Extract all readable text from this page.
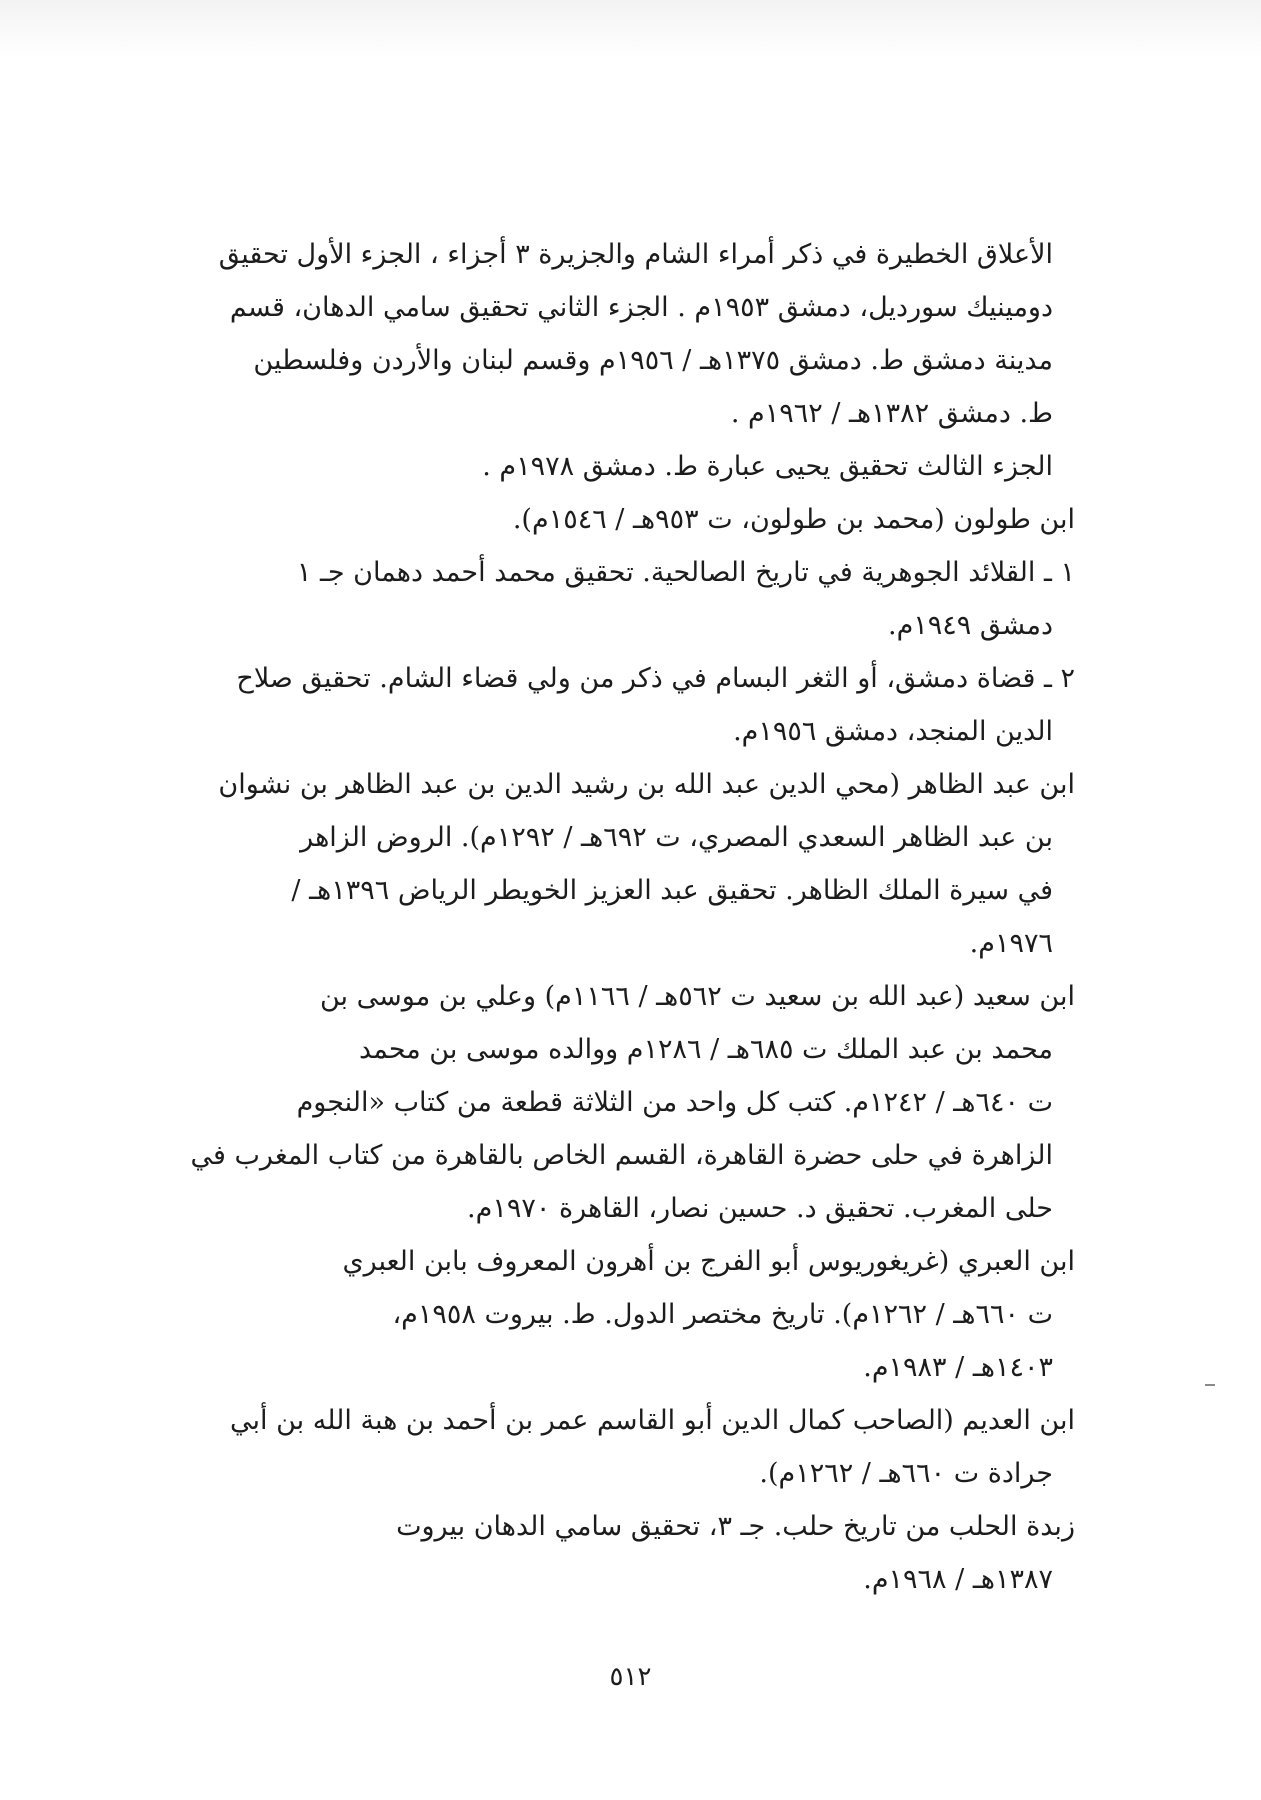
الأعلاق الخطيرة في ذكر أمراء الشام والجزيرة ٣ أجزاء ، الجزء الأول تحقيق
دومينيك سورديل، دمشق ١٩٥٣م . الجزء الثاني تحقيق سامي الدهان، قسم
مدينة دمشق ط. دمشق ١٣٧٥هـ / ١٩٥٦م وقسم لبنان والأردن وفلسطين
ط. دمشق ١٣٨٢هـ / ١٩٦٢م .
الجزء الثالث تحقيق يحيى عبارة ط. دمشق ١٩٧٨م .
ابن طولون (محمد بن طولون، ت ٩٥٣هـ / ١٥٤٦م).
١ ـ القلائد الجوهرية في تاريخ الصالحية. تحقيق محمد أحمد دهمان جـ ١
دمشق ١٩٤٩م.
٢ ـ قضاة دمشق، أو الثغر البسام في ذكر من ولي قضاء الشام. تحقيق صلاح
الدين المنجد، دمشق ١٩٥٦م.
ابن عبد الظاهر (محي الدين عبد الله بن رشيد الدين بن عبد الظاهر بن نشوان
بن عبد الظاهر السعدي المصري، ت ٦٩٢هـ / ١٢٩٢م). الروض الزاهر
في سيرة الملك الظاهر. تحقيق عبد العزيز الخويطر الرياض ١٣٩٦هـ /
١٩٧٦م.
ابن سعيد (عبد الله بن سعيد ت ٥٦٢هـ / ١١٦٦م) وعلي بن موسى بن
محمد بن عبد الملك ت ٦٨٥هـ / ١٢٨٦م ووالده موسى بن محمد
ت ٦٤٠هـ / ١٢٤٢م. كتب كل واحد من الثلاثة قطعة من كتاب «النجوم
الزاهرة في حلى حضرة القاهرة، القسم الخاص بالقاهرة من كتاب المغرب في
حلى المغرب. تحقيق د. حسين نصار، القاهرة ١٩٧٠م.
ابن العبري (غريغوريوس أبو الفرج بن أهرون المعروف بابن العبري
ت ٦٦٠هـ / ١٢٦٢م). تاريخ مختصر الدول. ط. بيروت ١٩٥٨م،
١٤٠٣هـ / ١٩٨٣م.
ابن العديم (الصاحب كمال الدين أبو القاسم عمر بن أحمد بن هبة الله بن أبي
جرادة ت ٦٦٠هـ / ١٢٦٢م).
زبدة الحلب من تاريخ حلب. جـ ٣، تحقيق سامي الدهان بيروت
١٣٨٧هـ / ١٩٦٨م.
٥١٢
